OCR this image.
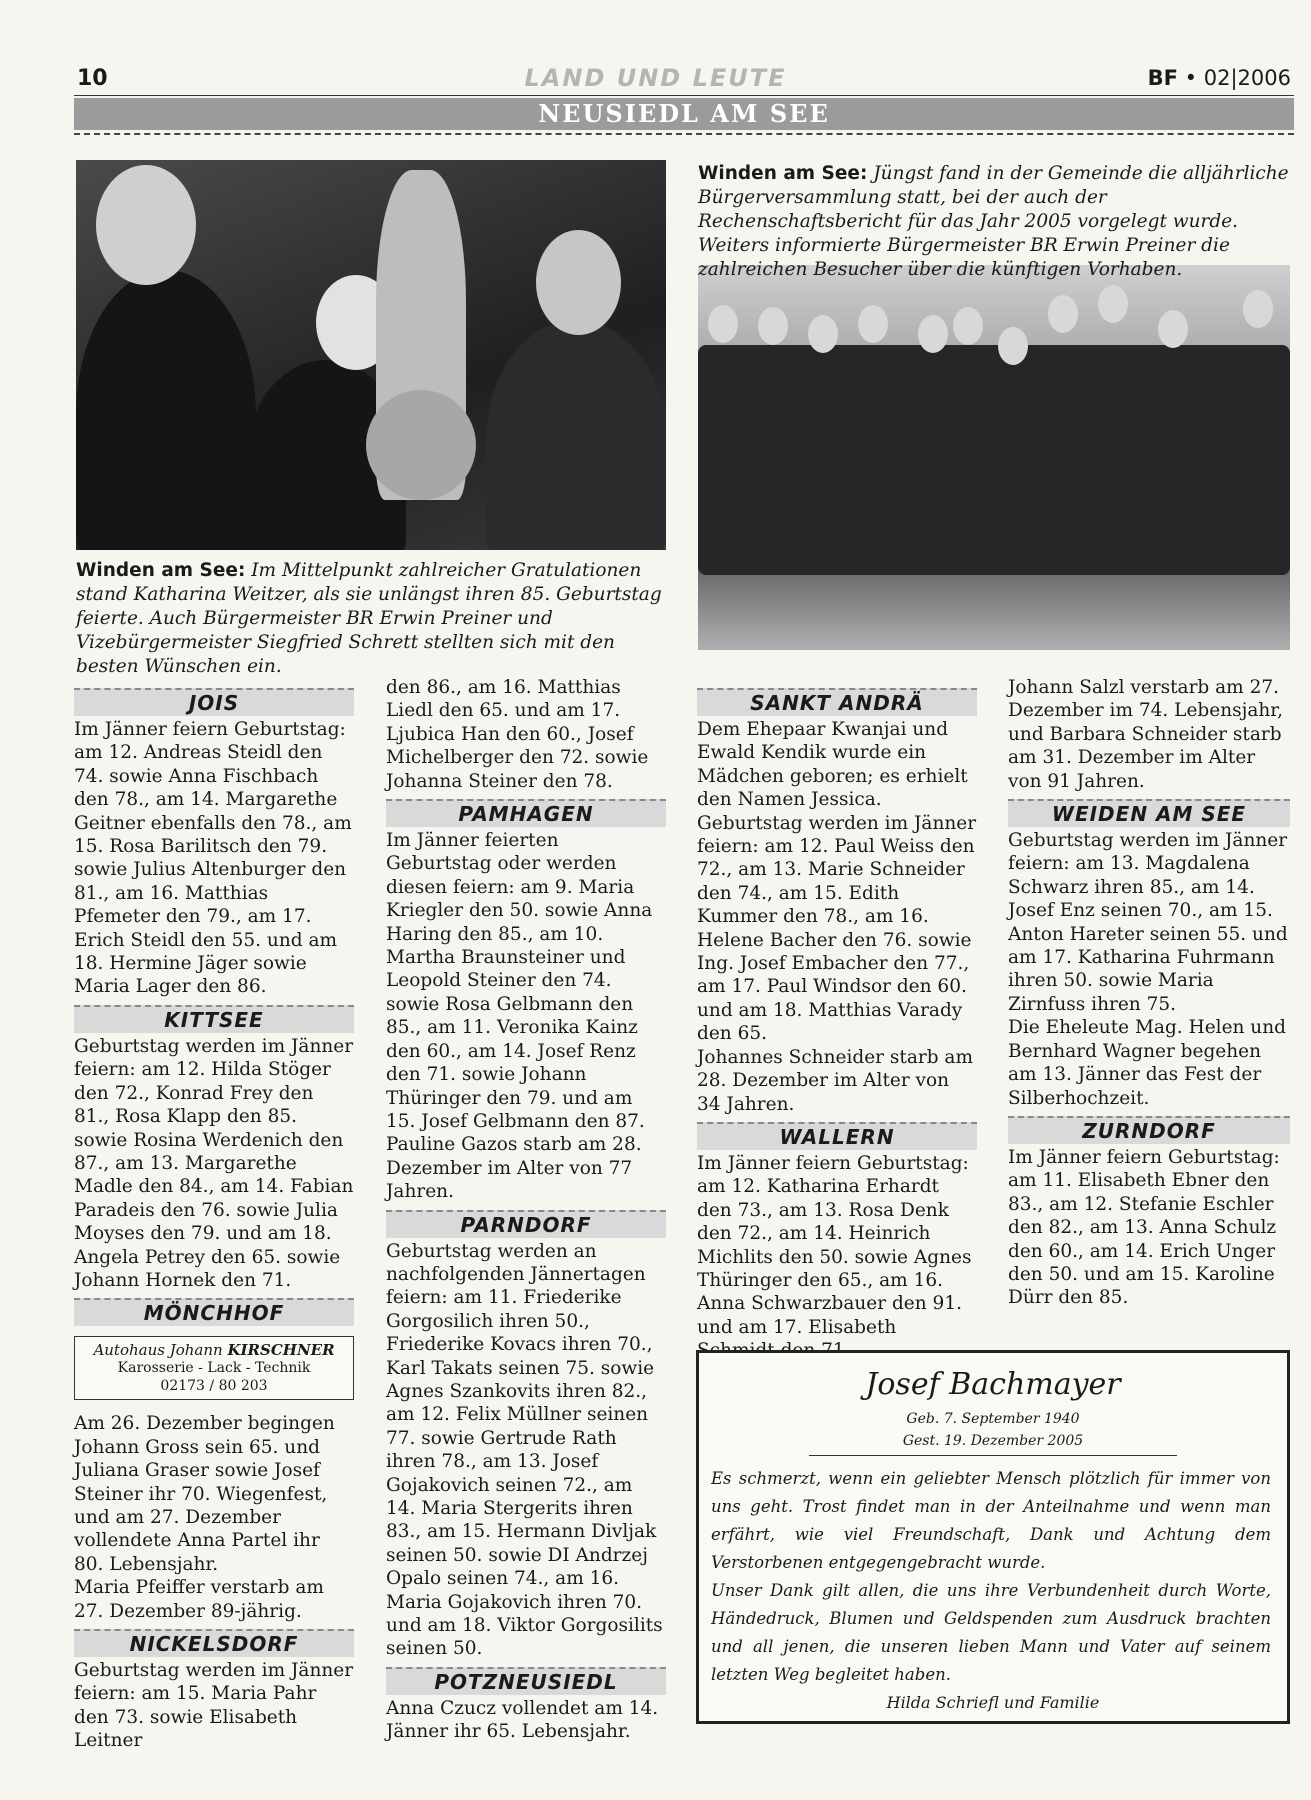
10	LAND UND LEUTE	BF • 02|2006
NEUSIEDL AM SEE
Winden am See: Im Mittelpunkt zahlreicher Gratulationen stand Katharina Weitzer, als sie unlängst ihren 85. Geburtstag feierte. Auch Bürgermeister BR Erwin Preiner und Vizebürgermeister Siegfried Schrett stellten sich mit den besten Wünschen ein.
Winden am See: Jüngst fand in der Gemeinde die alljährliche Bürgerversammlung statt, bei der auch der Rechenschaftsbericht für das Jahr 2005 vorgelegt wurde. Weiters informierte Bürgermeister BR Erwin Preiner die zahlreichen Besucher über die künftigen Vorhaben.
JOIS

Im Jänner feiern Geburtstag: am 12. Andreas Steidl den 74. sowie Anna Fischbach den 78., am 14. Margarethe Geitner ebenfalls den 78., am 15. Rosa Barilitsch den 79. sowie Julius Altenburger den 81., am 16. Matthias Pfemeter den 79., am 17. Erich Steidl den 55. und am 18. Hermine Jäger sowie Maria Lager den 86.

KITTSEE

Geburtstag werden im Jänner feiern: am 12. Hilda Stöger den 72., Konrad Frey den 81., Rosa Klapp den 85. sowie Rosina Werdenich den 87., am 13. Margarethe Madle den 84., am 14. Fabian Paradeis den 76. sowie Julia Moyses den 79. und am 18. Angela Petrey den 65. sowie Johann Hornek den 71.

MÖNCHHOF
Autohaus Johann KIRSCHNER
Karosserie - Lack - Technik
02173 / 80 203

Am 26. Dezember begingen Johann Gross sein 65. und Juliana Graser sowie Josef Steiner ihr 70. Wiegenfest, und am 27. Dezember vollendete Anna Partel ihr 80. Lebensjahr.

Maria Pfeiffer verstarb am 27. Dezember 89-jährig.

NICKELSDORF

Geburtstag werden im Jänner feiern: am 15. Maria Pahr den 73. sowie Elisabeth Leitner

den 86., am 16. Matthias Liedl den 65. und am 17. Ljubica Han den 60., Josef Michelberger den 72. sowie Johanna Steiner den 78.

PAMHAGEN

Im Jänner feierten Geburtstag oder werden diesen feiern: am 9. Maria Kriegler den 50. sowie Anna Haring den 85., am 10. Martha Braunsteiner und Leopold Steiner den 74. sowie Rosa Gelbmann den 85., am 11. Veronika Kainz den 60., am 14. Josef Renz den 71. sowie Johann Thüringer den 79. und am 15. Josef Gelbmann den 87.

Pauline Gazos starb am 28. Dezember im Alter von 77 Jahren.

PARNDORF

Geburtstag werden an nachfolgenden Jännertagen feiern: am 11. Friederike Gorgosilich ihren 50., Friederike Kovacs ihren 70., Karl Takats seinen 75. sowie Agnes Szankovits ihren 82., am 12. Felix Müllner seinen 77. sowie Gertrude Rath ihren 78., am 13. Josef Gojakovich seinen 72., am 14. Maria Stergerits ihren 83., am 15. Hermann Divljak seinen 50. sowie DI Andrzej Opalo seinen 74., am 16. Maria Gojakovich ihren 70. und am 18. Viktor Gorgosilits seinen 50.

POTZNEUSIEDL

Anna Czucz vollendet am 14. Jänner ihr 65. Lebensjahr.

SANKT ANDRÄ

Dem Ehepaar Kwanjai und Ewald Kendik wurde ein Mädchen geboren; es erhielt den Namen Jessica.

Geburtstag werden im Jänner feiern: am 12. Paul Weiss den 72., am 13. Marie Schneider den 74., am 15. Edith Kummer den 78., am 16. Helene Bacher den 76. sowie Ing. Josef Embacher den 77., am 17. Paul Windsor den 60. und am 18. Matthias Varady den 65.

Johannes Schneider starb am 28. Dezember im Alter von 34 Jahren.

WALLERN

Im Jänner feiern Geburtstag: am 12. Katharina Erhardt den 73., am 13. Rosa Denk den 72., am 14. Heinrich Michlits den 50. sowie Agnes Thüringer den 65., am 16. Anna Schwarzbauer den 91. und am 17. Elisabeth

Johann Salzl verstarb am 27. Dezember im 74. Lebensjahr, und Barbara Schneider starb am 31. Dezember im Alter von 91 Jahren.

WEIDEN AM SEE

Geburtstag werden im Jänner feiern: am 13. Magdalena Schwarz ihren 85., am 14. Josef Enz seinen 70., am 15. Anton Hareter seinen 55. und am 17. Katharina Fuhrmann ihren 50. sowie Maria Zirnfuss ihren 75.

Die Eheleute Mag. Helen und Bernhard Wagner begehen am 13. Jänner das Fest der Silberhochzeit.

ZURNDORF

Im Jänner feiern Geburtstag: am 11. Elisabeth Ebner den 83., am 12. Stefanie Eschler den 82., am 13. Anna Schulz den 60., am 14. Erich Unger den 50. und am 15. Karoline Dürr den 85.

Josef Bachmayer
Geb. 7. September 1940
Gest. 19. Dezember 2005
Es schmerzt, wenn ein geliebter Mensch plötzlich für immer von uns geht. Trost findet man in der Anteilnahme und wenn man erfährt, wie viel Freundschaft, Dank und Achtung dem Verstorbenen entgegengebracht wurde.
Unser Dank gilt allen, die uns ihre Verbundenheit durch Worte, Händedruck, Blumen und Geldspenden zum Ausdruck brachten und all jenen, die unseren lieben Mann und Vater auf seinem letzten Weg begleitet haben.
Hilda Schriefl und Familie
